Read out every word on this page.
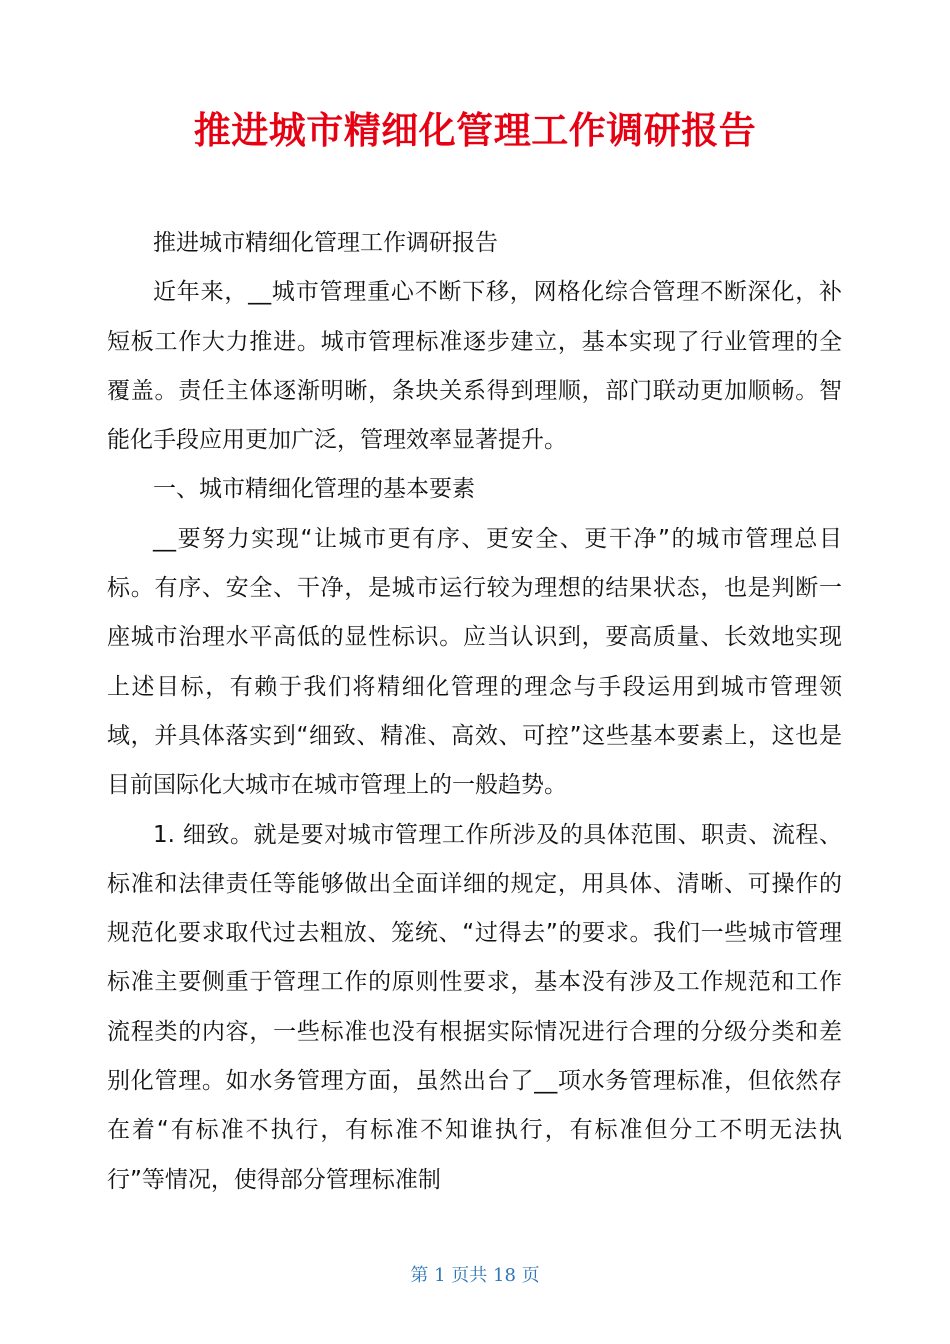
推进城市精细化管理工作调研报告

推进城市精细化管理工作调研报告

近年来，__城市管理重心不断下移，网格化综合管理不断深化，补短板工作大力推进。城市管理标准逐步建立，基本实现了行业管理的全覆盖。责任主体逐渐明晰，条块关系得到理顺，部门联动更加顺畅。智能化手段应用更加广泛，管理效率显著提升。

一、城市精细化管理的基本要素

__要努力实现“让城市更有序、更安全、更干净”的城市管理总目标。有序、安全、干净，是城市运行较为理想的结果状态，也是判断一座城市治理水平高低的显性标识。应当认识到，要高质量、长效地实现上述目标，有赖于我们将精细化管理的理念与手段运用到城市管理领域，并具体落实到“细致、精准、高效、可控”这些基本要素上，这也是目前国际化大城市在城市管理上的一般趋势。

1. 细致。就是要对城市管理工作所涉及的具体范围、职责、流程、标准和法律责任等能够做出全面详细的规定，用具体、清晰、可操作的规范化要求取代过去粗放、笼统、“过得去”的要求。我们一些城市管理标准主要侧重于管理工作的原则性要求，基本没有涉及工作规范和工作流程类的内容，一些标准也没有根据实际情况进行合理的分级分类和差别化管理。如水务管理方面，虽然出台了__项水务管理标准，但依然存在着“有标准不执行，有标准不知谁执行，有标准但分工不明无法执行”等情况，使得部分管理标准制

第 1 页共 18 页
